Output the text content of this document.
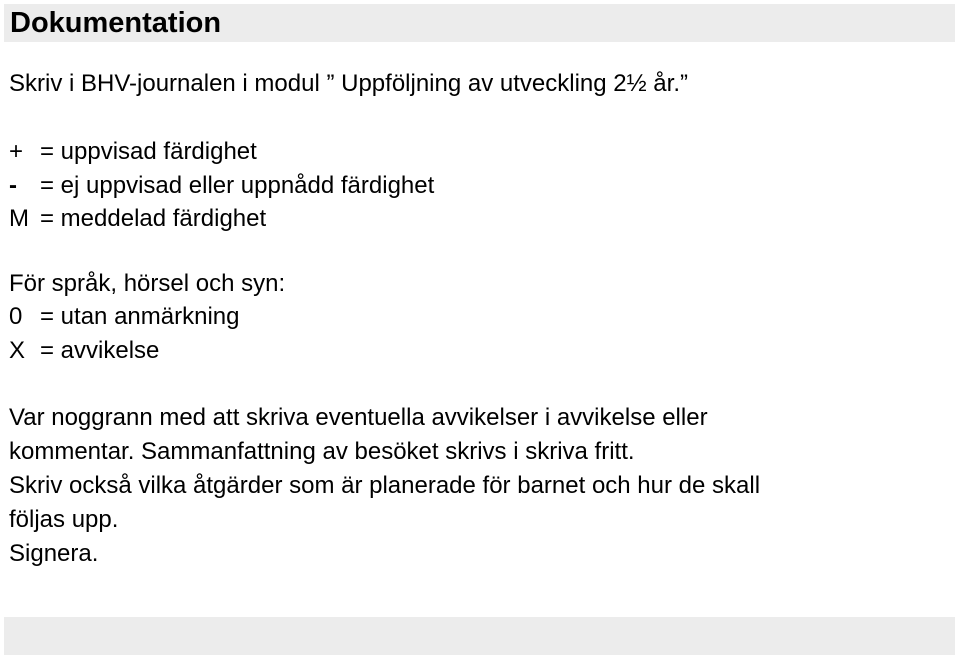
Dokumentation
Skriv i BHV-journalen i modul ” Uppföljning av utveckling 2½ år.”
+ = uppvisad färdighet
- = ej uppvisad eller uppnådd färdighet
M = meddelad färdighet
För språk, hörsel och syn:
0 = utan anmärkning
X = avvikelse

Var noggrann med att skriva eventuella avvikelser i avvikelse eller
kommentar. Sammanfattning av besöket skrivs i skriva fritt.
Skriv också vilka åtgärder som är planerade för barnet och hur de skall
följas upp.
Signera.
